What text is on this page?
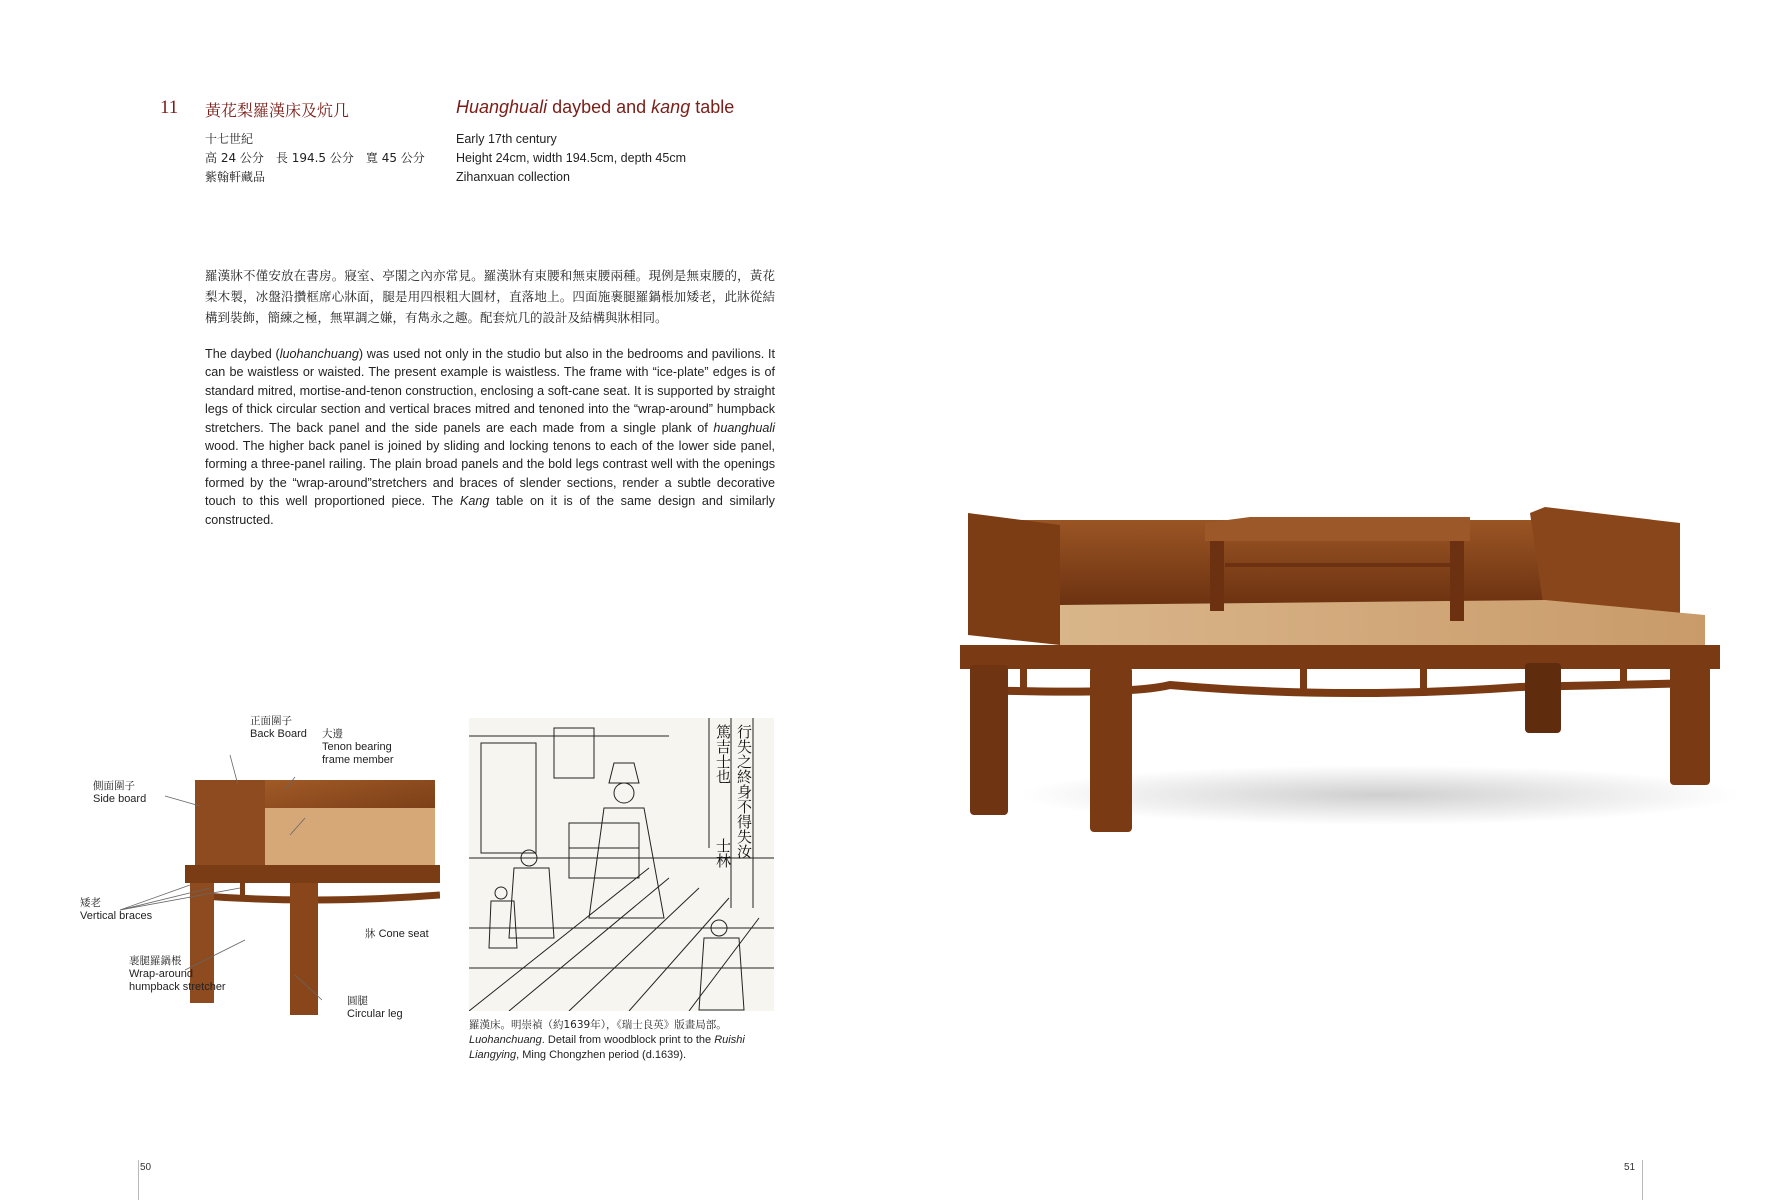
11 黃花梨羅漢床及炕几	Huanghuali daybed and kang table
十七世紀
高 24 公分　長 194.5 公分　寬 45 公分
紫翰軒藏品
Early 17th century
Height 24cm, width 194.5cm, depth 45cm
Zihanxuan collection
羅漢牀不僅安放在書房。寢室、亭閣之內亦常見。羅漢牀有束腰和無束腰兩種。現例是無束腰的，黃花梨木製，冰盤沿攢框席心牀面，腿是用四根粗大圓材，直落地上。四面施裹腿羅鍋棖加矮老，此牀從結構到裝飾，簡練之極，無單調之嫌，有雋永之趣。配套炕几的設計及結構與牀相同。
The daybed (luohanchuang) was used not only in the studio but also in the bedrooms and pavilions. It can be waistless or waisted. The present example is waistless. The frame with “ice-plate” edges is of standard mitred, mortise-and-tenon construction, enclosing a soft-cane seat. It is supported by straight legs of thick circular section and vertical braces mitred and tenoned into the “wrap-around” humpback stretchers. The back panel and the side panels are each made from a single plank of huanghuali wood. The higher back panel is joined by sliding and locking tenons to each of the lower side panel, forming a three-panel railing. The plain broad panels and the bold legs contrast well with the openings formed by the “wrap-around”stretchers and braces of slender sections, render a subtle decorative touch to this well proportioned piece. The Kang table on it is of the same design and similarly constructed.
正面圍子
Back Board 大邊
Tenon bearing
frame member
側面圍子
Side board
矮老
Vertical braces
牀 Cone seat
裹腿羅鍋棖
Wrap-around
humpback stretcher
圓腿
Circular leg
行失之終身不得失汝
篤吉士也
士林
羅漢床。明崇禎（約1639年），《瑞士良英》版畫局部。
Luohanchuang. Detail from woodblock print to the Ruishi Liangying, Ming Chongzhen period (d.1639).
50	51
